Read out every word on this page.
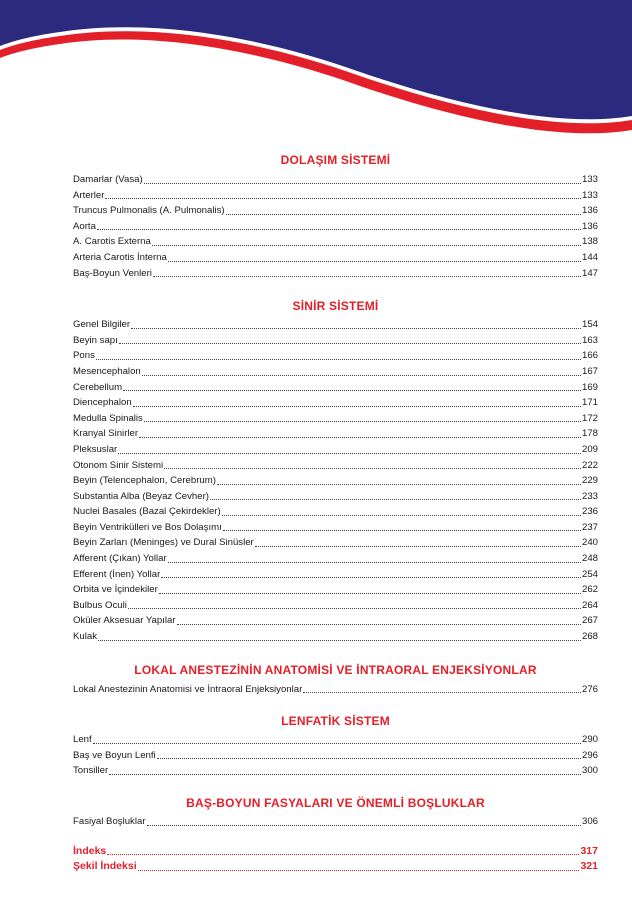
DOLAŞIM SİSTEMİ
Damarlar (Vasa)	133
Arterler	133
Truncus Pulmonalis (A. Pulmonalis)	136
Aorta	136
A. Carotis Externa	138
Arteria Carotis İnterna	144
Baş-Boyun Venleri	147
SİNİR SİSTEMİ
Genel Bilgiler	154
Beyin sapı	163
Pons	166
Mesencephalon	167
Cerebellum	169
Diencephalon	171
Medulla Spinalis	172
Kranyal Sinirler	178
Pleksuslar	209
Otonom Sinir Sistemi	222
Beyin (Telencephalon, Cerebrum)	229
Substantia Alba (Beyaz Cevher)	233
Nuclei Basales (Bazal Çekirdekler)	236
Beyin Ventrikülleri ve Bos Dolaşımı	237
Beyin Zarları (Meninges) ve Dural Sinüsler	240
Afferent (Çıkan) Yollar	248
Efferent (İnen) Yollar	254
Orbita ve İçindekiler	262
Bulbus Oculi	264
Oküler Aksesuar Yapılar	267
Kulak	268
LOKAL ANESTEZİNİN ANATOMİSİ VE İNTRAORAL ENJEKSİYONLAR
Lokal Anestezinin Anatomisi ve İntraoral Enjeksiyonlar	276
LENFATİK SİSTEM
Lenf	290
Baş ve Boyun Lenfi	296
Tonsiller	300
BAŞ-BOYUN FASYALARI VE ÖNEMLİ BOŞLUKLAR
Fasiyal Boşluklar	306
İndeks	317
Şekil İndeksi	321
